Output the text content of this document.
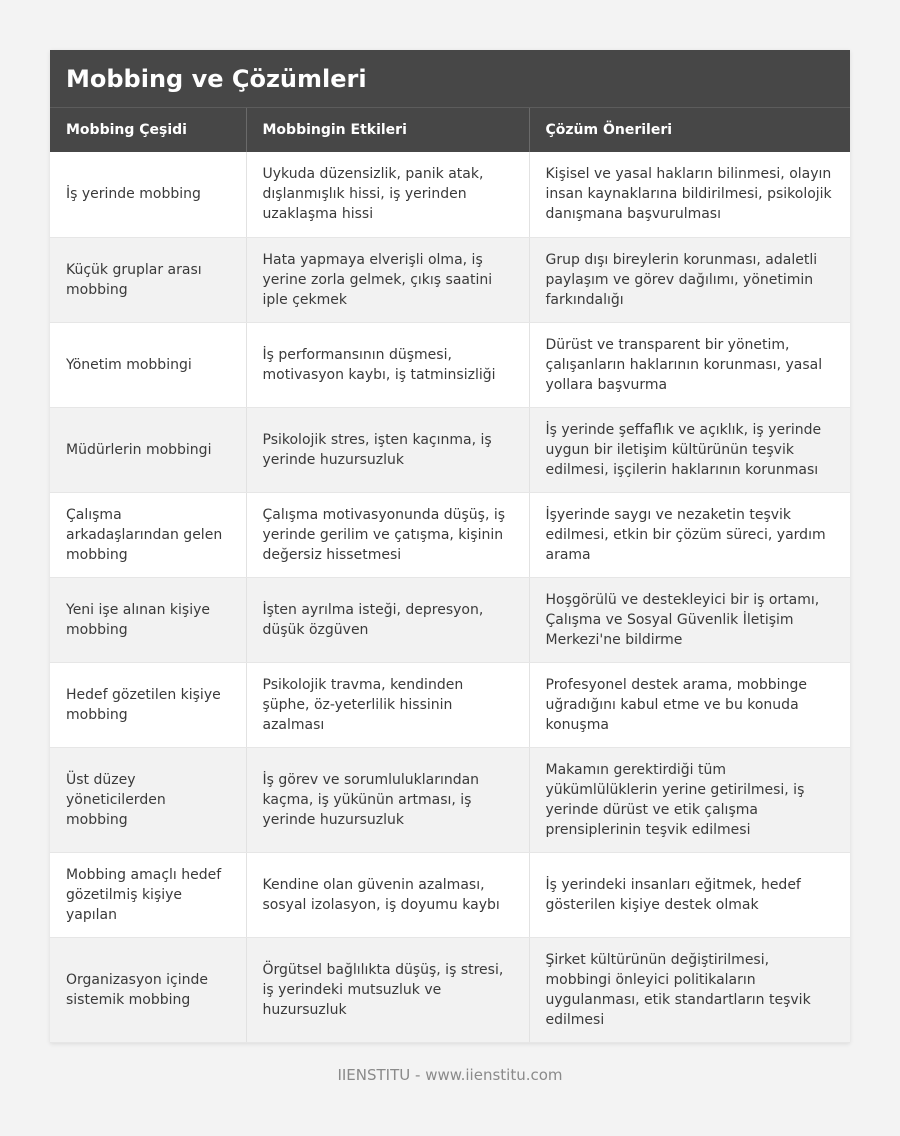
Mobbing ve Çözümleri
Mobbing Çeşidi	Mobbingin Etkileri	Çözüm Önerileri
İş yerinde mobbing	Uykuda düzensizlik, panik atak, dışlanmışlık hissi, iş yerinden uzaklaşma hissi	Kişisel ve yasal hakların bilinmesi, olayın insan kaynaklarına bildirilmesi, psikolojik danışmana başvurulması
Küçük gruplar arası mobbing	Hata yapmaya elverişli olma, iş yerine zorla gelmek, çıkış saatini iple çekmek	Grup dışı bireylerin korunması, adaletli paylaşım ve görev dağılımı, yönetimin farkındalığı
Yönetim mobbingi	İş performansının düşmesi, motivasyon kaybı, iş tatminsizliği	Dürüst ve transparent bir yönetim, çalışanların haklarının korunması, yasal yollara başvurma
Müdürlerin mobbingi	Psikolojik stres, işten kaçınma, iş yerinde huzursuzluk	İş yerinde şeffaflık ve açıklık, iş yerinde uygun bir iletişim kültürünün teşvik edilmesi, işçilerin haklarının korunması
Çalışma arkadaşlarından gelen mobbing	Çalışma motivasyonunda düşüş, iş yerinde gerilim ve çatışma, kişinin değersiz hissetmesi	İşyerinde saygı ve nezaketin teşvik edilmesi, etkin bir çözüm süreci, yardım arama
Yeni işe alınan kişiye mobbing	İşten ayrılma isteği, depresyon, düşük özgüven	Hoşgörülü ve destekleyici bir iş ortamı, Çalışma ve Sosyal Güvenlik İletişim Merkezi'ne bildirme
Hedef gözetilen kişiye mobbing	Psikolojik travma, kendinden şüphe, öz-yeterlilik hissinin azalması	Profesyonel destek arama, mobbinge uğradığını kabul etme ve bu konuda konuşma
Üst düzey yöneticilerden mobbing	İş görev ve sorumluluklarından kaçma, iş yükünün artması, iş yerinde huzursuzluk	Makamın gerektirdiği tüm yükümlülüklerin yerine getirilmesi, iş yerinde dürüst ve etik çalışma prensiplerinin teşvik edilmesi
Mobbing amaçlı hedef gözetilmiş kişiye yapılan	Kendine olan güvenin azalması, sosyal izolasyon, iş doyumu kaybı	İş yerindeki insanları eğitmek, hedef gösterilen kişiye destek olmak
Organizasyon içinde sistemik mobbing	Örgütsel bağlılıkta düşüş, iş stresi, iş yerindeki mutsuzluk ve huzursuzluk	Şirket kültürünün değiştirilmesi, mobbingi önleyici politikaların uygulanması, etik standartların teşvik edilmesi
IIENSTITU - www.iienstitu.com
